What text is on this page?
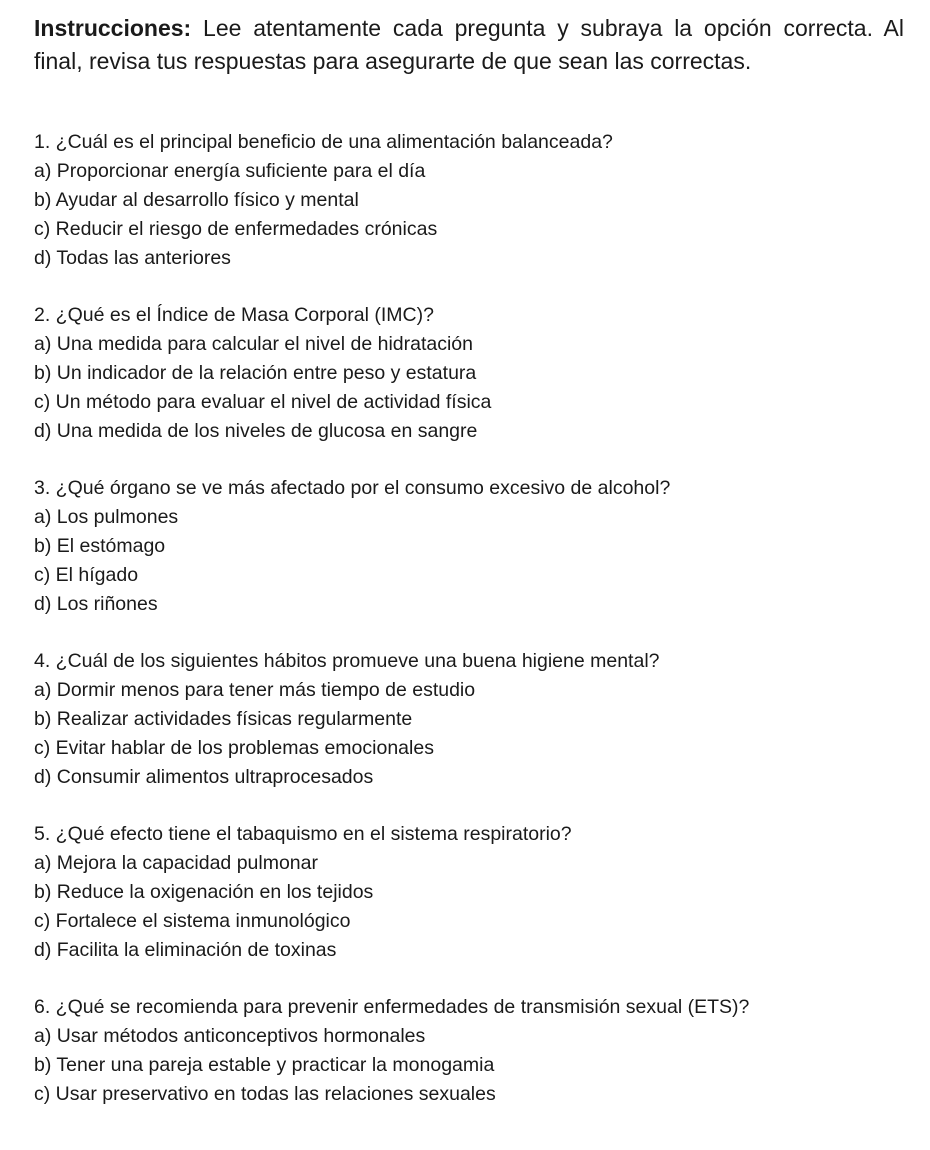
Instrucciones: Lee atentamente cada pregunta y subraya la opción correcta. Al final, revisa tus respuestas para asegurarte de que sean las correctas.

1. ¿Cuál es el principal beneficio de una alimentación balanceada?
a) Proporcionar energía suficiente para el día
b) Ayudar al desarrollo físico y mental
c) Reducir el riesgo de enfermedades crónicas
d) Todas las anteriores
2. ¿Qué es el Índice de Masa Corporal (IMC)?
a) Una medida para calcular el nivel de hidratación
b) Un indicador de la relación entre peso y estatura
c) Un método para evaluar el nivel de actividad física
d) Una medida de los niveles de glucosa en sangre
3. ¿Qué órgano se ve más afectado por el consumo excesivo de alcohol?
a) Los pulmones
b) El estómago
c) El hígado
d) Los riñones
4. ¿Cuál de los siguientes hábitos promueve una buena higiene mental?
a) Dormir menos para tener más tiempo de estudio
b) Realizar actividades físicas regularmente
c) Evitar hablar de los problemas emocionales
d) Consumir alimentos ultraprocesados
5. ¿Qué efecto tiene el tabaquismo en el sistema respiratorio?
a) Mejora la capacidad pulmonar
b) Reduce la oxigenación en los tejidos
c) Fortalece el sistema inmunológico
d) Facilita la eliminación de toxinas
6. ¿Qué se recomienda para prevenir enfermedades de transmisión sexual (ETS)?
a) Usar métodos anticonceptivos hormonales
b) Tener una pareja estable y practicar la monogamia
c) Usar preservativo en todas las relaciones sexuales
